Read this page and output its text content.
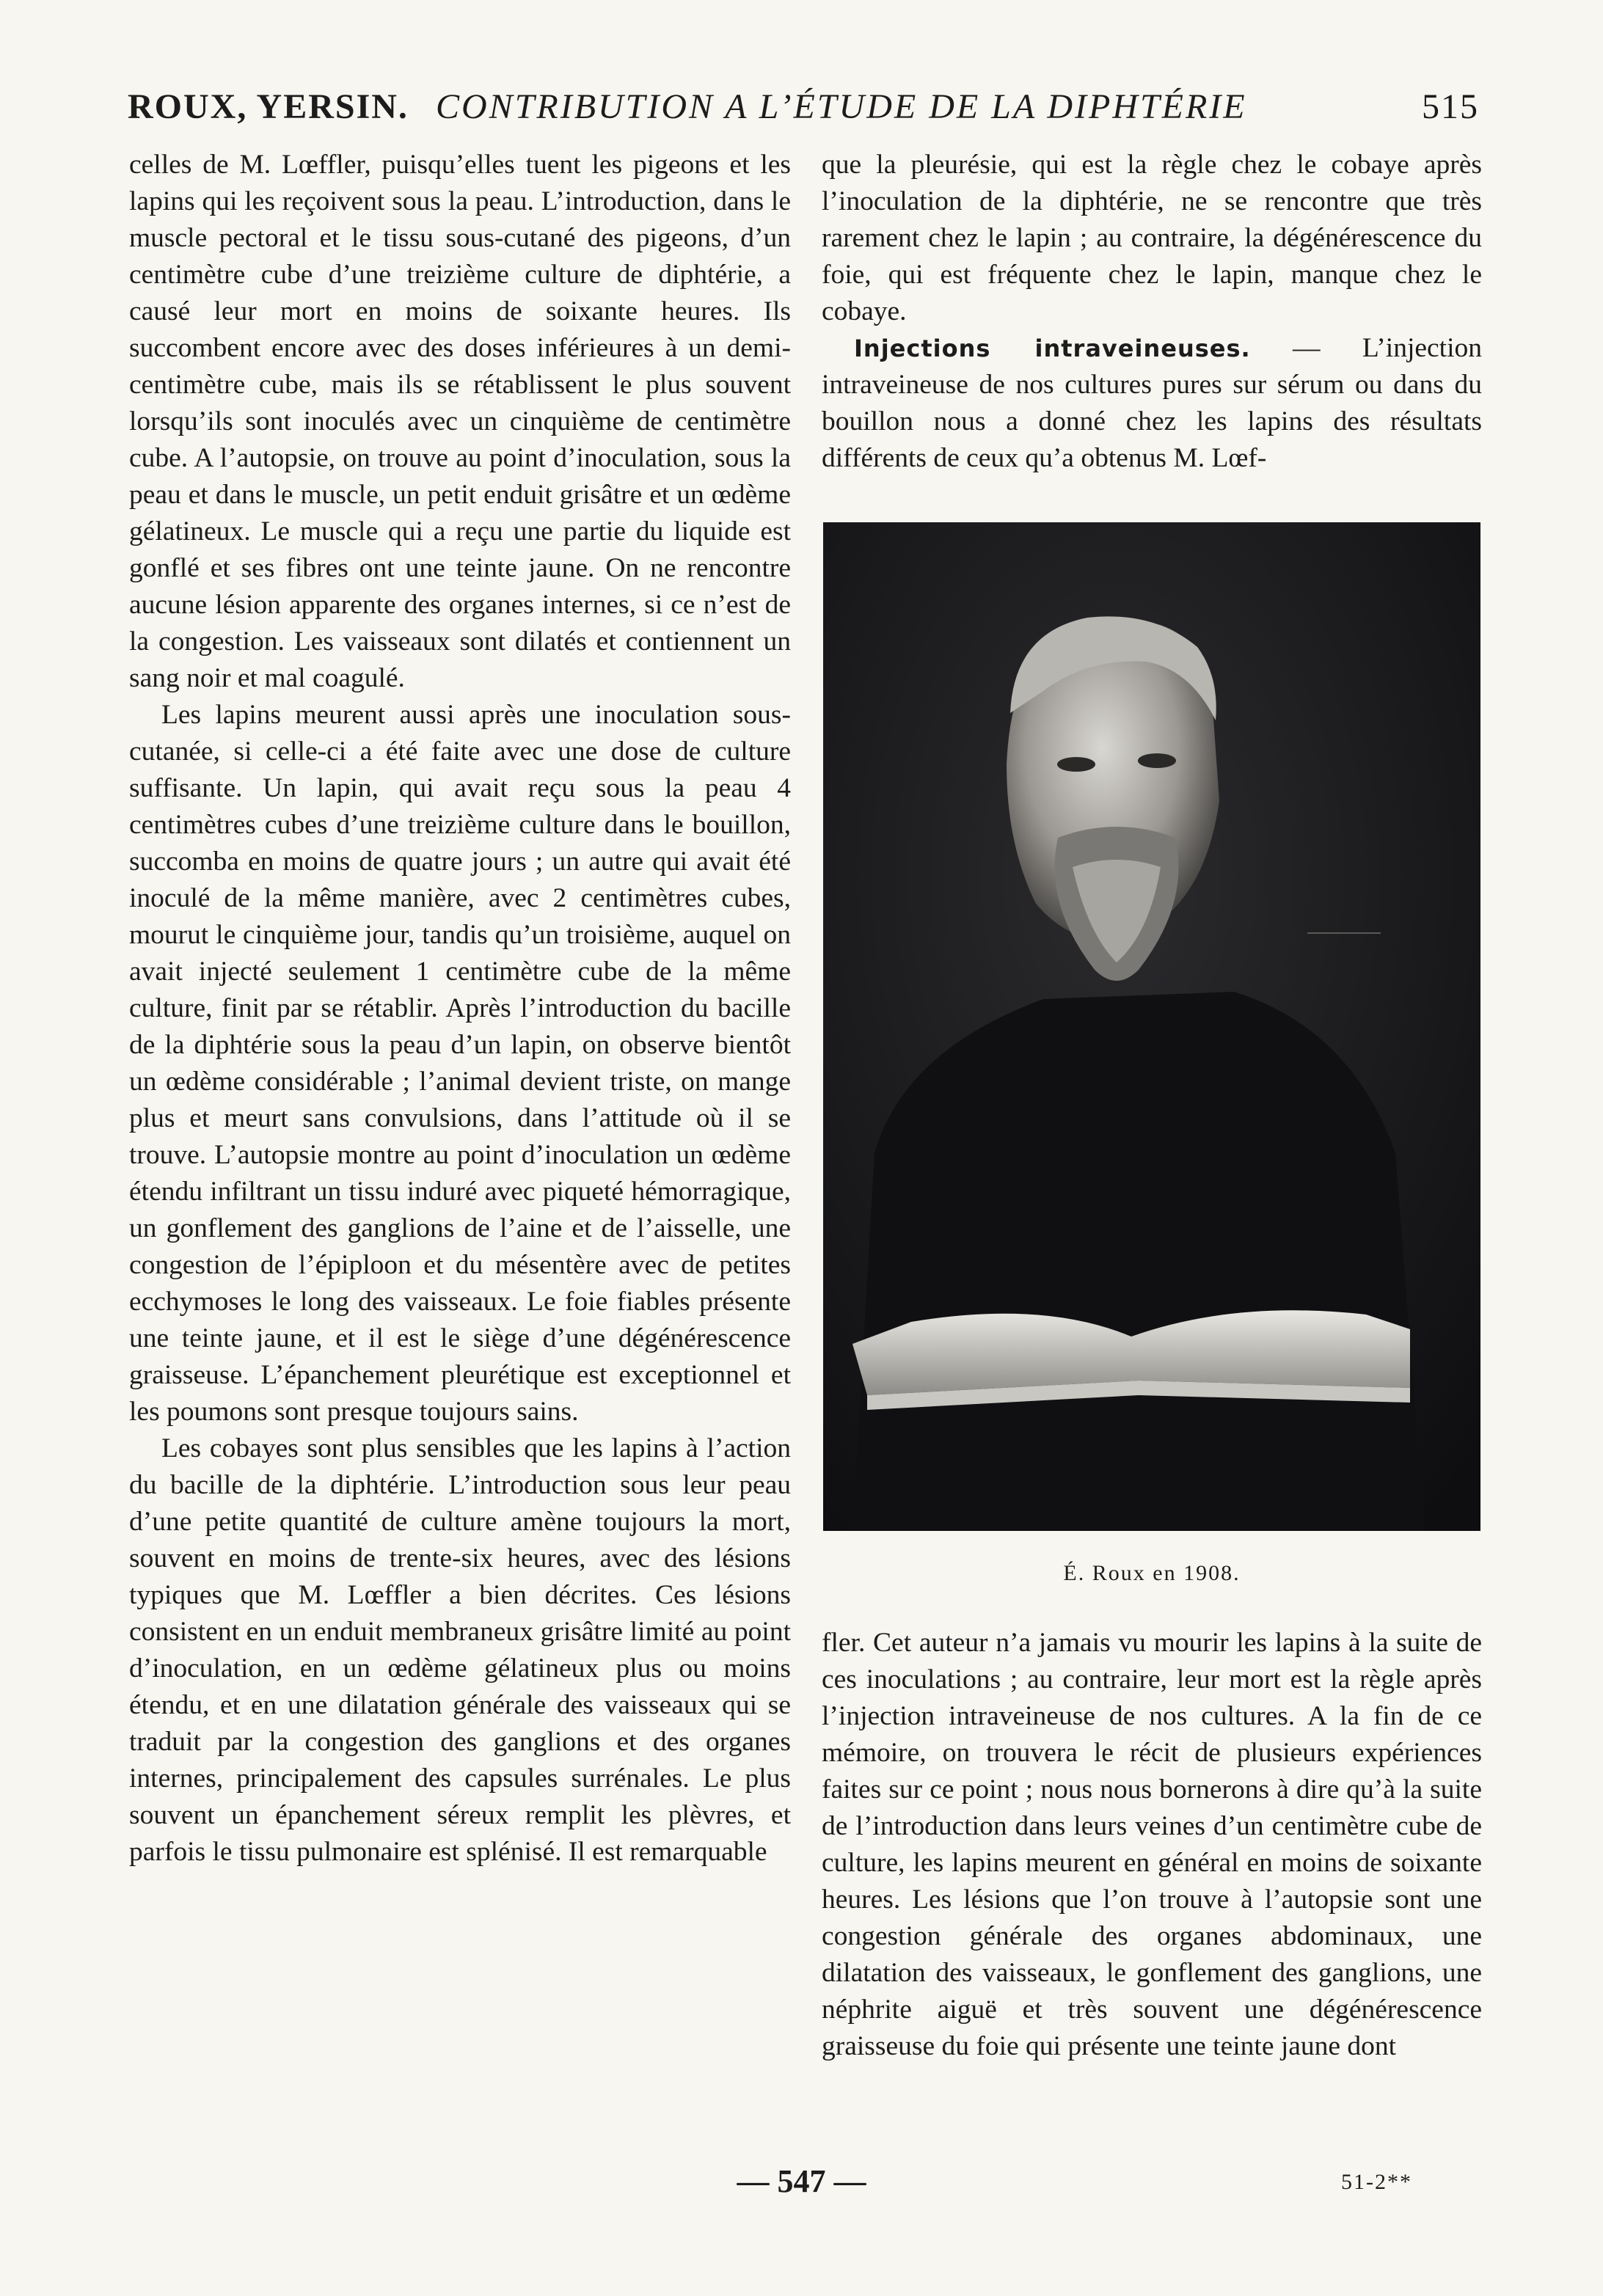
ROUX, YERSIN. CONTRIBUTION A L’ÉTUDE DE LA DIPHTÉRIE	515

celles de M. Lœffler, puisqu’elles tuent les pigeons et les lapins qui les reçoivent sous la peau. L’introduction, dans le muscle pectoral et le tissu sous-cutané des pigeons, d’un centimètre cube d’une treizième culture de diphtérie, a causé leur mort en moins de soixante heures. Ils succombent encore avec des doses inférieures à un demi-centimètre cube, mais ils se rétablissent le plus souvent lorsqu’ils sont inoculés avec un cinquième de centimètre cube. A l’autopsie, on trouve au point d’inoculation, sous la peau et dans le muscle, un petit enduit grisâtre et un œdème gélatineux. Le muscle qui a reçu une partie du liquide est gonflé et ses fibres ont une teinte jaune. On ne rencontre aucune lésion apparente des organes internes, si ce n’est de la congestion. Les vaisseaux sont dilatés et contiennent un sang noir et mal coagulé.

Les lapins meurent aussi après une inoculation sous-cutanée, si celle-ci a été faite avec une dose de culture suffisante. Un lapin, qui avait reçu sous la peau 4 centimètres cubes d’une treizième culture dans le bouillon, succomba en moins de quatre jours ; un autre qui avait été inoculé de la même manière, avec 2 centimètres cubes, mourut le cinquième jour, tandis qu’un troisième, auquel on avait injecté seulement 1 centimètre cube de la même culture, finit par se rétablir. Après l’introduction du bacille de la diphtérie sous la peau d’un lapin, on observe bientôt un œdème considérable ; l’animal devient triste, on mange plus et meurt sans convulsions, dans l’attitude où il se trouve. L’autopsie montre au point d’inoculation un œdème étendu infiltrant un tissu induré avec piqueté hémorragique, un gonflement des ganglions de l’aine et de l’aisselle, une congestion de l’épiploon et du mésentère avec de petites ecchymoses le long des vaisseaux. Le foie fiables présente une teinte jaune, et il est le siège d’une dégénérescence graisseuse. L’épanchement pleurétique est exceptionnel et les poumons sont presque toujours sains.

Les cobayes sont plus sensibles que les lapins à l’action du bacille de la diphtérie. L’introduction sous leur peau d’une petite quantité de culture amène toujours la mort, souvent en moins de trente-six heures, avec des lésions typiques que M. Lœffler a bien décrites. Ces lésions consistent en un enduit membraneux grisâtre limité au point d’inoculation, en un œdème gélatineux plus ou moins étendu, et en une dilatation générale des vaisseaux qui se traduit par la congestion des ganglions et des organes internes, principalement des capsules surrénales. Le plus souvent un épanchement séreux remplit les plèvres, et parfois le tissu pulmonaire est splénisé. Il est remarquable

que la pleurésie, qui est la règle chez le cobaye après l’inoculation de la diphtérie, ne se rencontre que très rarement chez le lapin ; au contraire, la dégénérescence du foie, qui est fréquente chez le lapin, manque chez le cobaye.

Injections intraveineuses. — L’injection intraveineuse de nos cultures pures sur sérum ou dans du bouillon nous a donné chez les lapins des résultats différents de ceux qu’a obtenus M. Lœf-

É. Roux en 1908.

fler. Cet auteur n’a jamais vu mourir les lapins à la suite de ces inoculations ; au contraire, leur mort est la règle après l’injection intraveineuse de nos cultures. A la fin de ce mémoire, on trouvera le récit de plusieurs expériences faites sur ce point ; nous nous bornerons à dire qu’à la suite de l’introduction dans leurs veines d’un centimètre cube de culture, les lapins meurent en général en moins de soixante heures. Les lésions que l’on trouve à l’autopsie sont une congestion générale des organes abdominaux, une dilatation des vaisseaux, le gonflement des ganglions, une néphrite aiguë et très souvent une dégénérescence graisseuse du foie qui présente une teinte jaune dont

— 547 —	51-2**
